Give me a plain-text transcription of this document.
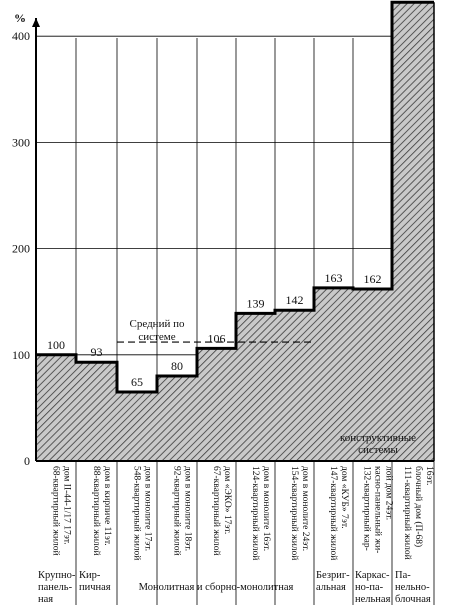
0
100
200
300
400
100
93
65
80
106
139 142
163 162
Средний по
системе
%
конструктивные
системы
68-квартирный жилой дом II-44-1/17 17эт. 88-квартирный жилой дом в кирпиче 11эт. 548-квартирный жилой дом в монолите 17эт. 92-квартирный жилой дом в монолите 18эт. 67-квартирный жилой дом «ЭКО» 17эт. 124-квартирный жилой дом в монолите 16эт. 154-квартирный жилой дом в монолите 24эт. 147-квартирный жилой дом «КУБ» 7эт. 132-квартирный кар- касно-панельный жи- лой дом 24эт. 111-квартирный жилой блочный дом (П-68) 16эт.
Крупно-
панель-
ная
Кир-
пичная	Монолитная и сборно-монолитная
Безриг-
альная
Каркас-
но-па-
нельная
Па-
нельно-
блочная
